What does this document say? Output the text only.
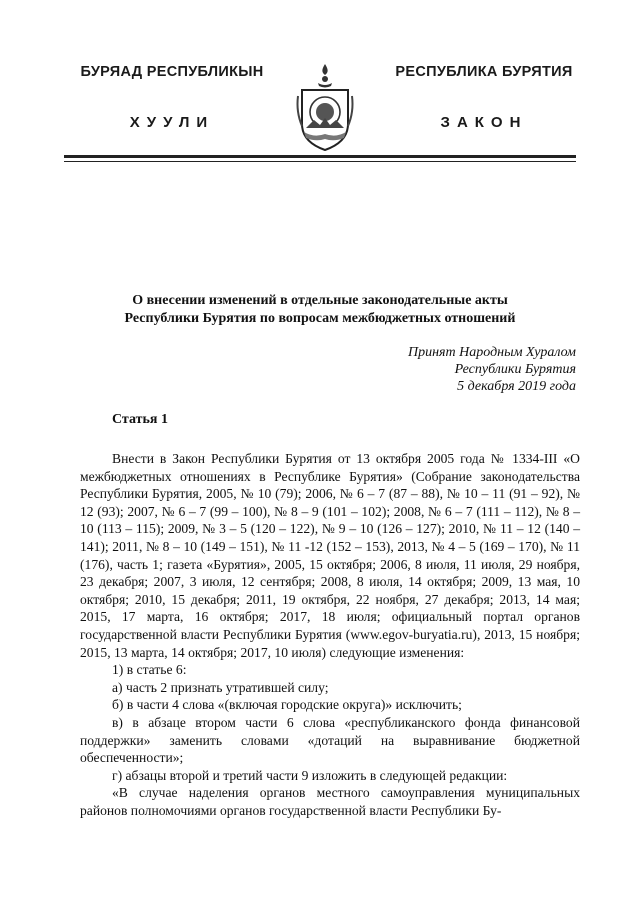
БУРЯАД РЕСПУБЛИКЫН
ХУУЛИ
РЕСПУБЛИКА БУРЯТИЯ
ЗАКОН
О внесении изменений в отдельные законодательные акты
Республики Бурятия по вопросам межбюджетных отношений
Принят Народным Хуралом
Республики Бурятия
5 декабря 2019 года
Статья 1

Внести в Закон Республики Бурятия от 13 октября 2005 года № 1334-III «О межбюджетных отношениях в Республике Бурятия» (Собрание законодательства Республики Бурятия, 2005, № 10 (79); 2006, № 6 – 7 (87 – 88), № 10 – 11 (91 – 92), № 12 (93); 2007, № 6 – 7 (99 – 100), № 8 – 9 (101 – 102); 2008, № 6 – 7 (111 – 112), № 8 – 10 (113 – 115); 2009, № 3 – 5 (120 – 122), № 9 – 10 (126 – 127); 2010, № 11 – 12 (140 – 141); 2011, № 8 – 10 (149 – 151), № 11 -12 (152 – 153), 2013, № 4 – 5 (169 – 170), № 11 (176), часть 1; газета «Бурятия», 2005, 15 октября; 2006, 8 июля, 11 июля, 29 ноября, 23 декабря; 2007, 3 июля, 12 сентября; 2008, 8 июля, 14 октября; 2009, 13 мая, 10 октября; 2010, 15 декабря; 2011, 19 октября, 22 ноября, 27 декабря; 2013, 14 мая; 2015, 17 марта, 16 октября; 2017, 18 июля; официальный портал органов государственной власти Республики Бурятия (www.egov-buryatia.ru), 2013, 15 ноября; 2015, 13 марта, 14 октября; 2017, 10 июля) следующие изменения:

1) в статье 6:

а) часть 2 признать утратившей силу;

б) в части 4 слова «(включая городские округа)» исключить;

в) в абзаце втором части 6 слова «республиканского фонда финансовой поддержки» заменить словами «дотаций на выравнивание бюджетной обеспеченности»;

г) абзацы второй и третий части 9 изложить в следующей редакции:

«В случае наделения органов местного самоуправления муниципальных районов полномочиями органов государственной власти Республики Бу-
